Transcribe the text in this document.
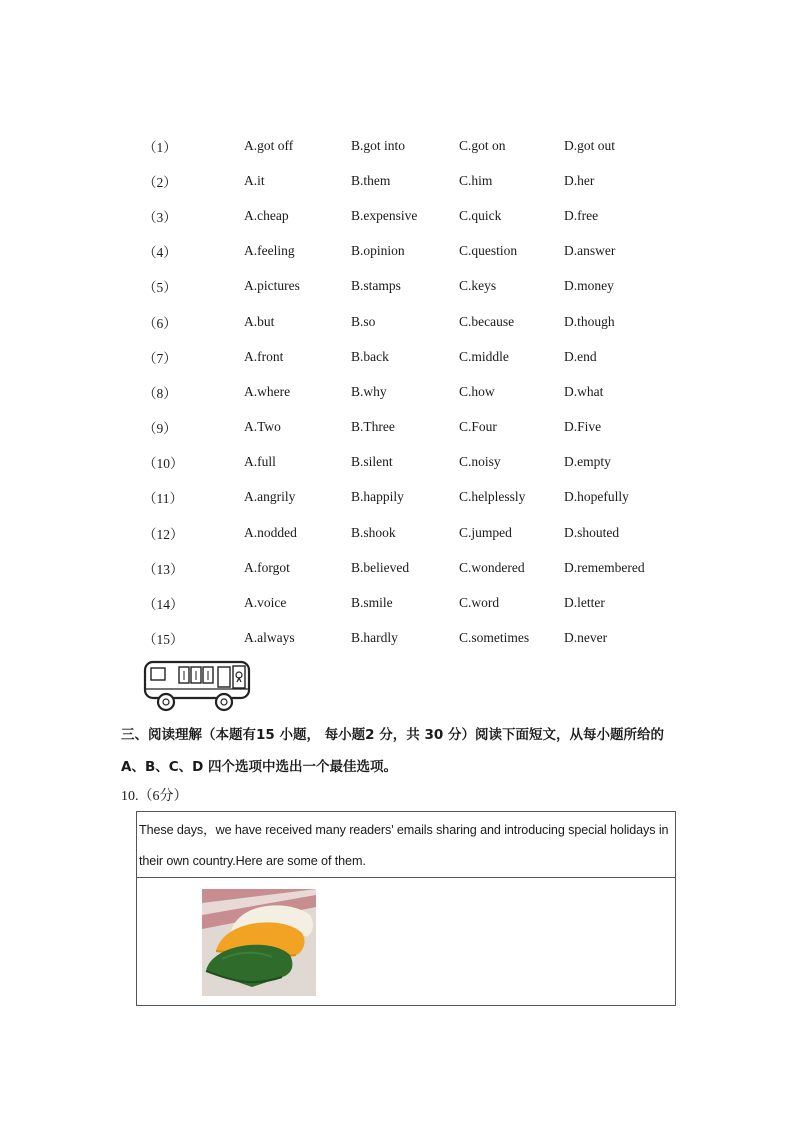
（1）	A.got off	B.got into	C.got on	D.got out
（2）	A.it	B.them	C.him	D.her
（3）	A.cheap	B.expensive	C.quick	D.free
（4）	A.feeling	B.opinion	C.question	D.answer
（5）	A.pictures	B.stamps	C.keys	D.money
（6）	A.but	B.so	C.because	D.though
（7）	A.front	B.back	C.middle	D.end
（8）	A.where	B.why	C.how	D.what
（9）	A.Two	B.Three	C.Four	D.Five
（10）	A.full	B.silent	C.noisy	D.empty
（11）	A.angrily	B.happily	C.helplessly	D.hopefully
（12）	A.nodded	B.shook	C.jumped	D.shouted
（13）	A.forgot	B.believed	C.wondered	D.remembered
（14）	A.voice	B.smile	C.word	D.letter
（15）	A.always	B.hardly	C.sometimes	D.never
三、阅读理解（本题有15 小题， 每小题2 分，共 30 分）阅读下面短文，从每小题所给的 A、B、C、D 四个选项中选出一个最佳选项。
10.（6分）
These days，we have received many readers' emails sharing and introducing special holidays in their own country.Here are some of them.
